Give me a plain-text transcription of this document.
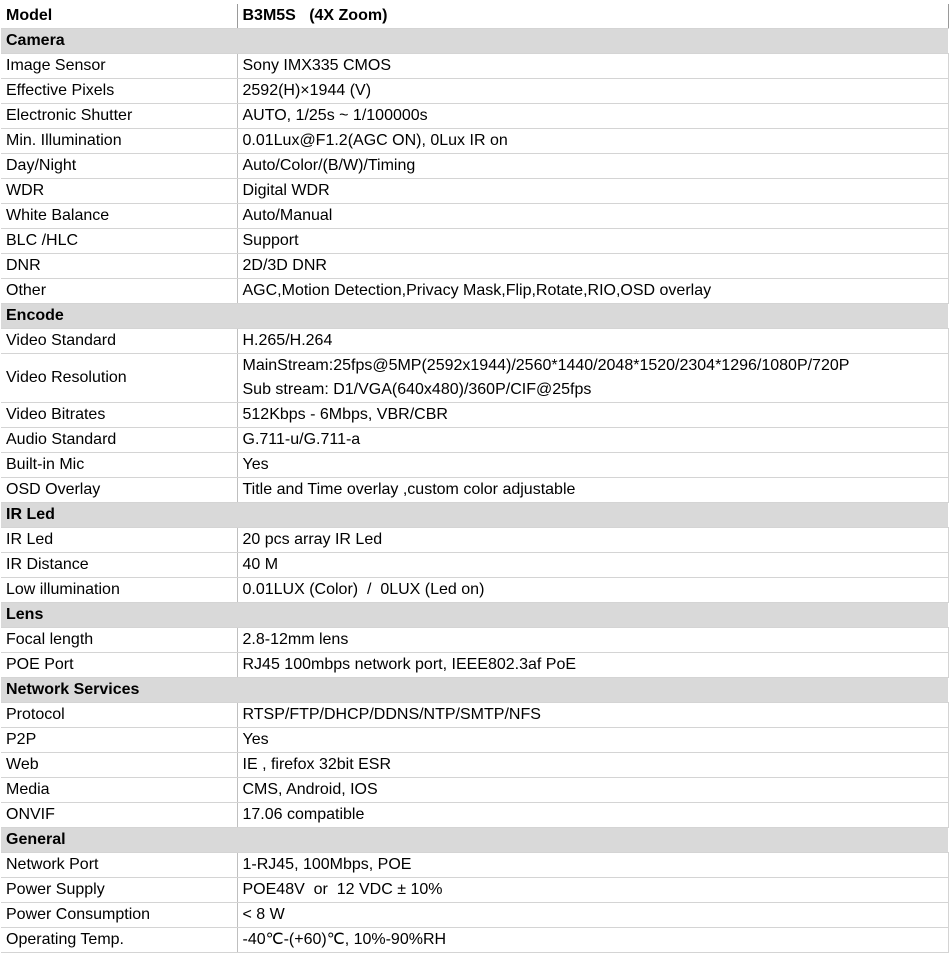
Model	B3M5S   (4X Zoom)
Camera	
Image Sensor	Sony IMX335 CMOS
Effective Pixels	2592(H)×1944 (V)
Electronic Shutter	AUTO, 1/25s ~ 1/100000s
Min. Illumination	0.01Lux@F1.2(AGC ON), 0Lux IR on
Day/Night	Auto/Color/(B/W)/Timing
WDR	Digital WDR
White Balance	Auto/Manual
BLC /HLC	Support
DNR	2D/3D DNR
Other	AGC,Motion Detection,Privacy Mask,Flip,Rotate,RIO,OSD overlay
Encode	
Video Standard	H.265/H.264
Video Resolution	MainStream:25fps@5MP(2592x1944)/2560*1440/2048*1520/2304*1296/1080P/720P
	Sub stream: D1/VGA(640x480)/360P/CIF@25fps
Video Bitrates	512Kbps - 6Mbps, VBR/CBR
Audio Standard	G.711-u/G.711-a
Built-in Mic	Yes
OSD Overlay	Title and Time overlay ,custom color adjustable
IR Led	
IR Led	20 pcs array IR Led
IR Distance	40 M
Low illumination	0.01LUX (Color)  /  0LUX (Led on)
Lens	
Focal length	2.8-12mm lens
POE Port	RJ45 100mbps network port, IEEE802.3af PoE
Network Services	
Protocol	RTSP/FTP/DHCP/DDNS/NTP/SMTP/NFS
P2P	Yes
Web	IE , firefox 32bit ESR
Media	CMS, Android, IOS
ONVIF	17.06 compatible
General	
Network Port	1-RJ45, 100Mbps, POE
Power Supply	POE48V  or  12 VDC ± 10%
Power Consumption	< 8 W
Operating Temp.	-40℃-(+60)℃, 10%-90%RH
